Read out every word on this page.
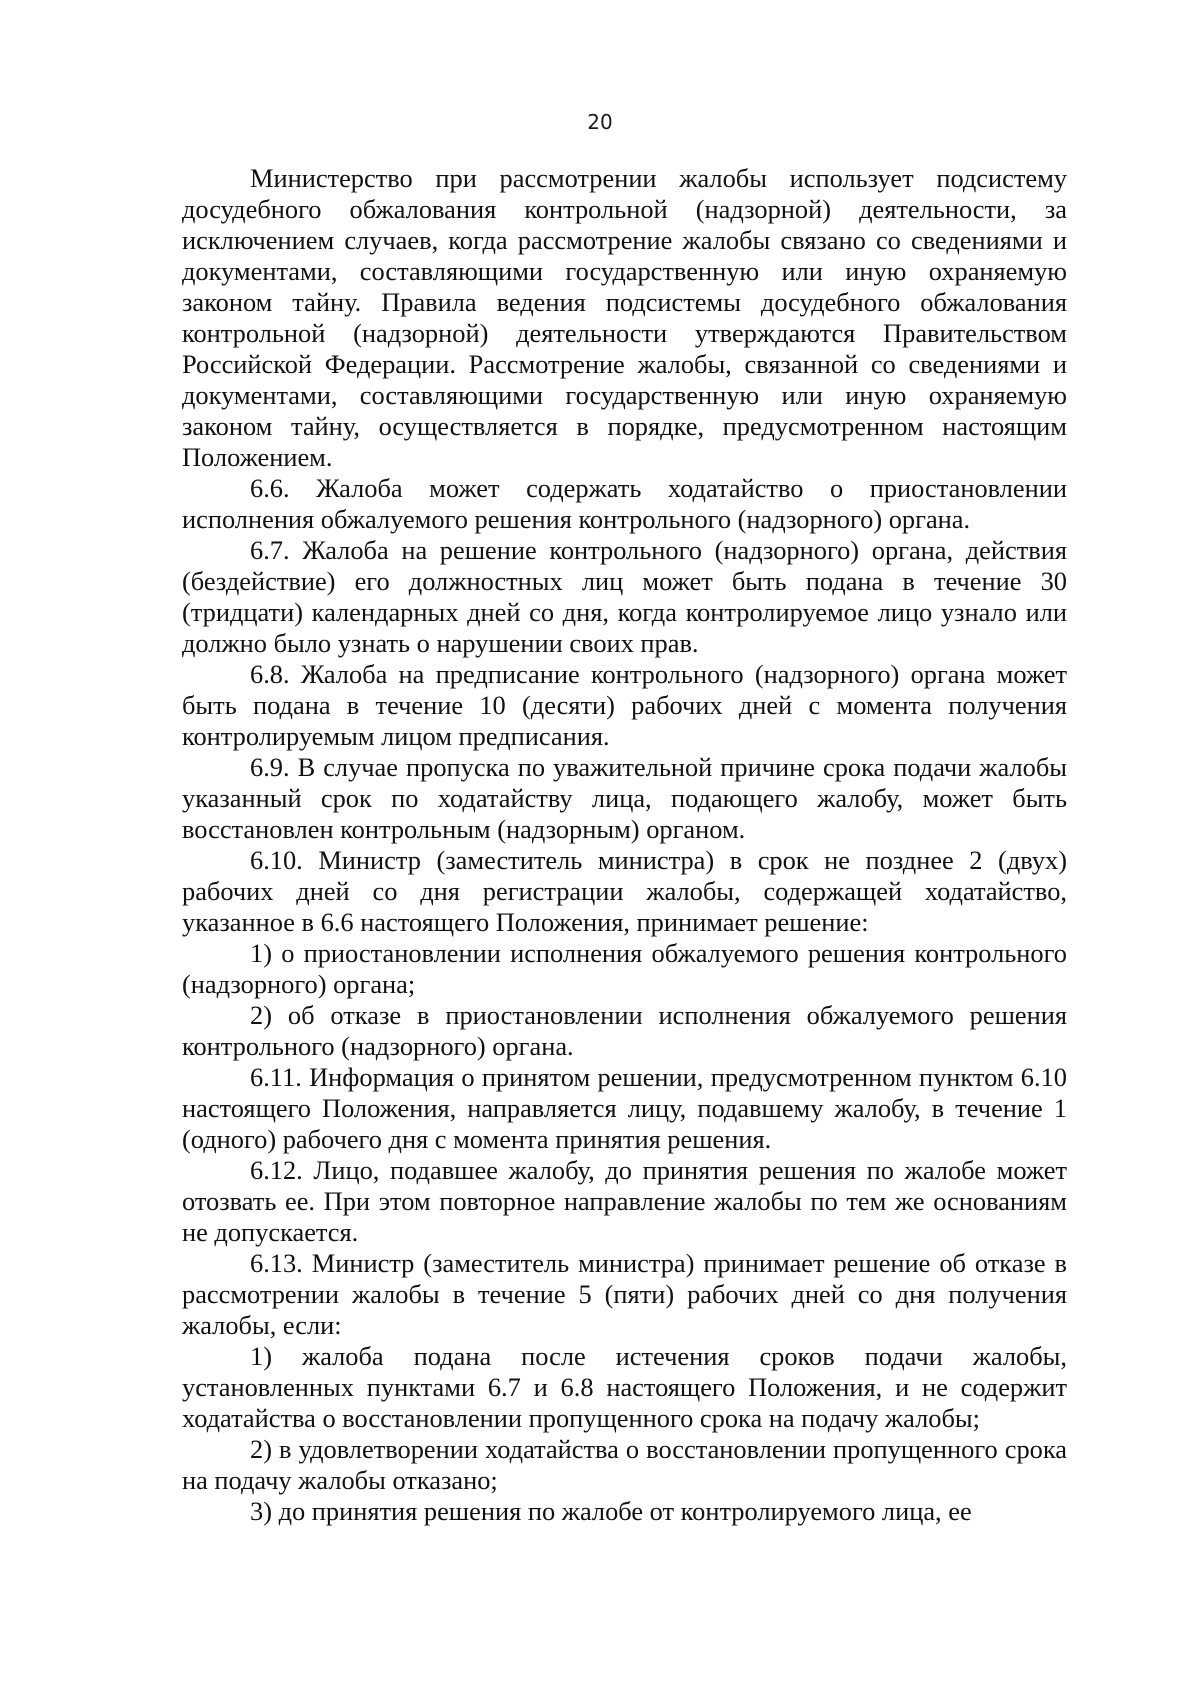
20

Министерство при рассмотрении жалобы использует подсистему досудебного обжалования контрольной (надзорной) деятельности, за исключением случаев, когда рассмотрение жалобы связано со сведениями и документами, составляющими государственную или иную охраняемую законом тайну. Правила ведения подсистемы досудебного обжалования контрольной (надзорной) деятельности утверждаются Правительством Российской Федерации. Рассмотрение жалобы, связанной со сведениями и документами, составляющими государственную или иную охраняемую законом тайну, осуществляется в порядке, предусмотренном настоящим Положением.

6.6. Жалоба может содержать ходатайство о приостановлении исполнения обжалуемого решения контрольного (надзорного) органа.

6.7. Жалоба на решение контрольного (надзорного) органа, действия (бездействие) его должностных лиц может быть подана в течение 30 (тридцати) календарных дней со дня, когда контролируемое лицо узнало или должно было узнать о нарушении своих прав.

6.8. Жалоба на предписание контрольного (надзорного) органа может быть подана в течение 10 (десяти) рабочих дней с момента получения контролируемым лицом предписания.

6.9. В случае пропуска по уважительной причине срока подачи жалобы указанный срок по ходатайству лица, подающего жалобу, может быть восстановлен контрольным (надзорным) органом.

6.10. Министр (заместитель министра) в срок не позднее 2 (двух) рабочих дней со дня регистрации жалобы, содержащей ходатайство, указанное в 6.6 настоящего Положения, принимает решение:

1) о приостановлении исполнения обжалуемого решения контрольного (надзорного) органа;

2) об отказе в приостановлении исполнения обжалуемого решения контрольного (надзорного) органа.

6.11. Информация о принятом решении, предусмотренном пунктом 6.10 настоящего Положения, направляется лицу, подавшему жалобу, в течение 1 (одного) рабочего дня с момента принятия решения.

6.12. Лицо, подавшее жалобу, до принятия решения по жалобе может отозвать ее. При этом повторное направление жалобы по тем же основаниям не допускается.

6.13. Министр (заместитель министра) принимает решение об отказе в рассмотрении жалобы в течение 5 (пяти) рабочих дней со дня получения жалобы, если:

1) жалоба подана после истечения сроков подачи жалобы, установленных пунктами 6.7 и 6.8 настоящего Положения, и не содержит ходатайства о восстановлении пропущенного срока на подачу жалобы;

2) в удовлетворении ходатайства о восстановлении пропущенного срока на подачу жалобы отказано;

3) до принятия решения по жалобе от контролируемого лица, ее
